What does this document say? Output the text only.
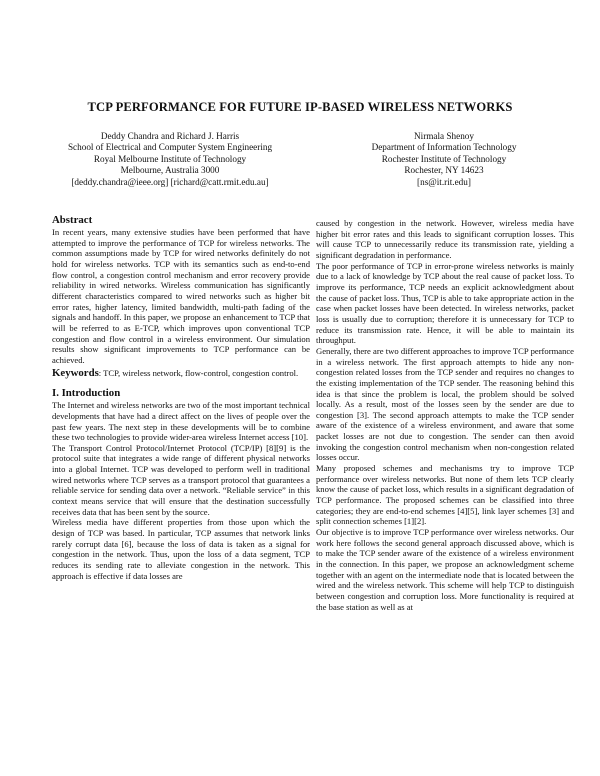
TCP PERFORMANCE FOR FUTURE IP-BASED WIRELESS NETWORKS
Deddy Chandra and Richard J. Harris
School of Electrical and Computer System Engineering
Royal Melbourne Institute of Technology
Melbourne, Australia 3000
[deddy.chandra@ieee.org] [richard@catt.rmit.edu.au]
Nirmala Shenoy
Department of Information Technology
Rochester Institute of Technology
Rochester, NY 14623
[ns@it.rit.edu]
Abstract

In recent years, many extensive studies have been performed that have attempted to improve the performance of TCP for wireless networks. The common assumptions made by TCP for wired networks definitely do not hold for wireless networks. TCP with its semantics such as end-to-end flow control, a congestion control mechanism and error recovery provide reliability in wired networks. Wireless communication has significantly different characteristics compared to wired networks such as higher bit error rates, higher latency, limited bandwidth, multi-path fading of the signals and handoff. In this paper, we propose an enhancement to TCP that will be referred to as E-TCP, which improves upon conventional TCP congestion and flow control in a wireless environment. Our simulation results show significant improvements to TCP performance can be achieved.

Keywords: TCP, wireless network, flow-control, congestion control.

I. Introduction

The Internet and wireless networks are two of the most important technical developments that have had a direct affect on the lives of people over the past few years. The next step in these developments will be to combine these two technologies to provide wider-area wireless Internet access [10].

The Transport Control Protocol/Internet Protocol (TCP/IP) [8][9] is the protocol suite that integrates a wide range of different physical networks into a global Internet. TCP was developed to perform well in traditional wired networks where TCP serves as a transport protocol that guarantees a reliable service for sending data over a network. “Reliable service” in this context means service that will ensure that the destination successfully receives data that has been sent by the source.

Wireless media have different properties from those upon which the design of TCP was based. In particular, TCP assumes that network links rarely corrupt data [6], because the loss of data is taken as a signal for congestion in the network. Thus, upon the loss of a data segment, TCP reduces its sending rate to alleviate congestion in the network. This approach is effective if data losses are

caused by congestion in the network. However, wireless media have higher bit error rates and this leads to significant corruption losses. This will cause TCP to unnecessarily reduce its transmission rate, yielding a significant degradation in performance.

The poor performance of TCP in error-prone wireless networks is mainly due to a lack of knowledge by TCP about the real cause of packet loss. To improve its performance, TCP needs an explicit acknowledgment about the cause of packet loss. Thus, TCP is able to take appropriate action in the case when packet losses have been detected. In wireless networks, packet loss is usually due to corruption; therefore it is unnecessary for TCP to reduce its transmission rate. Hence, it will be able to maintain its throughput.

Generally, there are two different approaches to improve TCP performance in a wireless network. The first approach attempts to hide any non-congestion related losses from the TCP sender and requires no changes to the existing implementation of the TCP sender. The reasoning behind this idea is that since the problem is local, the problem should be solved locally. As a result, most of the losses seen by the sender are due to congestion [3]. The second approach attempts to make the TCP sender aware of the existence of a wireless environment, and aware that some packet losses are not due to congestion. The sender can then avoid invoking the congestion control mechanism when non-congestion related losses occur.

Many proposed schemes and mechanisms try to improve TCP performance over wireless networks. But none of them lets TCP clearly know the cause of packet loss, which results in a significant degradation of TCP performance. The proposed schemes can be classified into three categories; they are end-to-end schemes [4][5], link layer schemes [3] and split connection schemes [1][2].

Our objective is to improve TCP performance over wireless networks. Our work here follows the second general approach discussed above, which is to make the TCP sender aware of the existence of a wireless environment in the connection. In this paper, we propose an acknowledgment scheme together with an agent on the intermediate node that is located between the wired and the wireless network. This scheme will help TCP to distinguish between congestion and corruption loss. More functionality is required at the base station as well as at
